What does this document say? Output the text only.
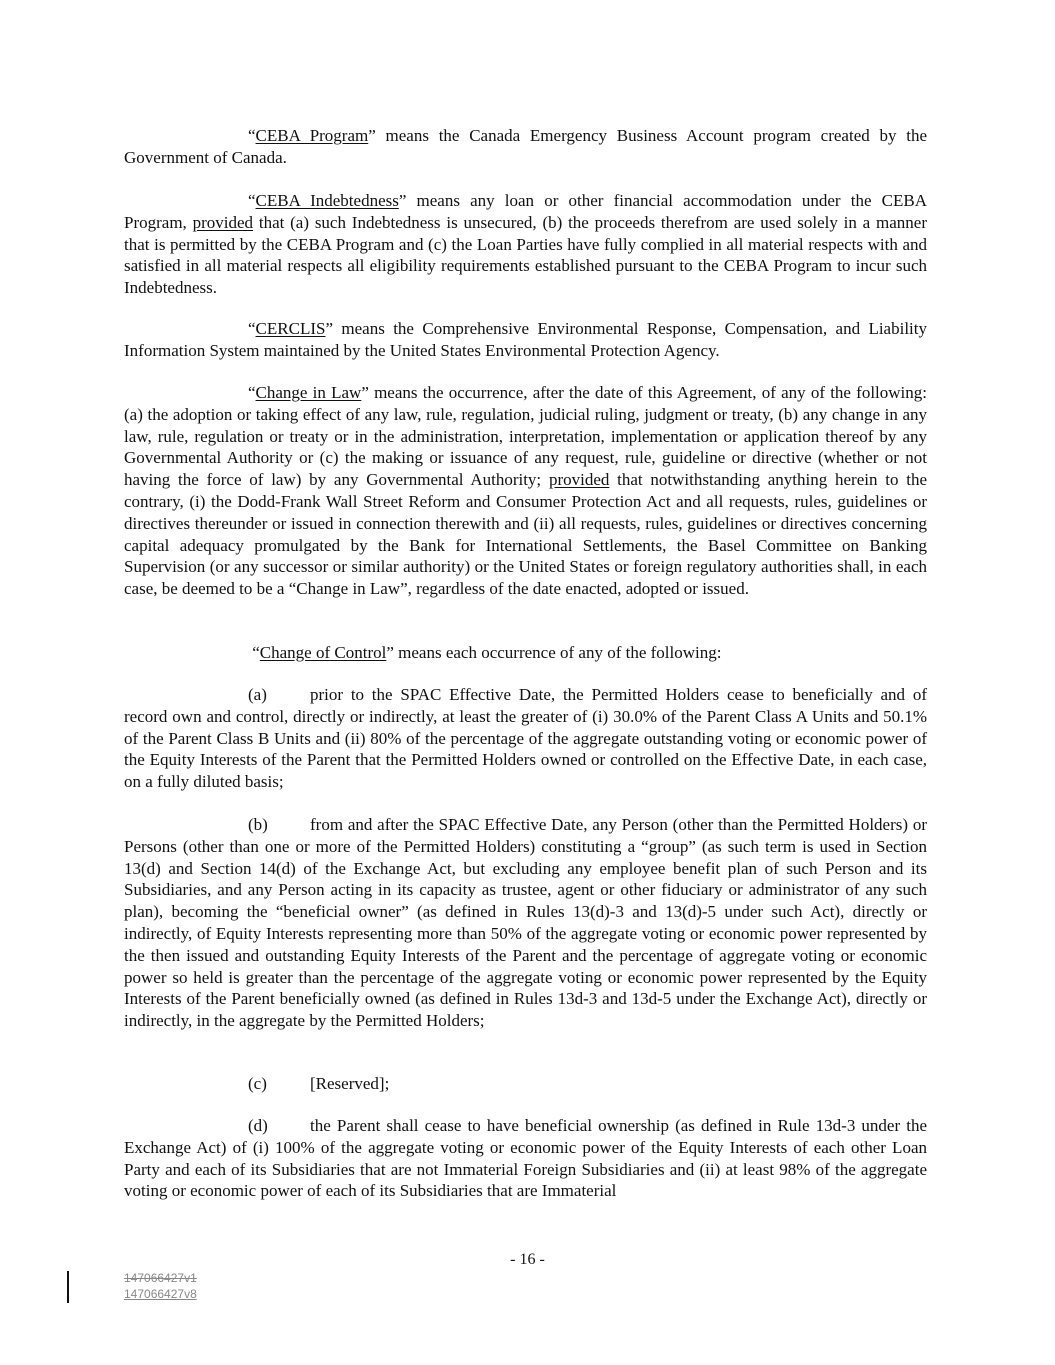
“CEBA Program” means the Canada Emergency Business Account program created by the Government of Canada.

“CEBA Indebtedness” means any loan or other financial accommodation under the CEBA Program, provided that (a) such Indebtedness is unsecured, (b) the proceeds therefrom are used solely in a manner that is permitted by the CEBA Program and (c) the Loan Parties have fully complied in all material respects with and satisfied in all material respects all eligibility requirements established pursuant to the CEBA Program to incur such Indebtedness.

“CERCLIS” means the Comprehensive Environmental Response, Compensation, and Liability Information System maintained by the United States Environmental Protection Agency.

“Change in Law” means the occurrence, after the date of this Agreement, of any of the following: (a) the adoption or taking effect of any law, rule, regulation, judicial ruling, judgment or treaty, (b) any change in any law, rule, regulation or treaty or in the administration, interpretation, implementation or application thereof by any Governmental Authority or (c) the making or issuance of any request, rule, guideline or directive (whether or not having the force of law) by any Governmental Authority; provided that notwithstanding anything herein to the contrary, (i) the Dodd-Frank Wall Street Reform and Consumer Protection Act and all requests, rules, guidelines or directives thereunder or issued in connection therewith and (ii) all requests, rules, guidelines or directives concerning capital adequacy promulgated by the Bank for International Settlements, the Basel Committee on Banking Supervision (or any successor or similar authority) or the United States or foreign regulatory authorities shall, in each case, be deemed to be a “Change in Law”, regardless of the date enacted, adopted or issued.

“Change of Control” means each occurrence of any of the following:

(a)	prior to the SPAC Effective Date, the Permitted Holders cease to beneficially and of record own and control, directly or indirectly, at least the greater of (i) 30.0% of the Parent Class A Units and 50.1% of the Parent Class B Units and (ii) 80% of the percentage of the aggregate outstanding voting or economic power of the Equity Interests of the Parent that the Permitted Holders owned or controlled on the Effective Date, in each case, on a fully diluted basis;

(b) from and after the SPAC Effective Date, any Person (other than the Permitted Holders) or Persons (other than one or more of the Permitted Holders) constituting a “group” (as such term is used in Section 13(d) and Section 14(d) of the Exchange Act, but excluding any employee benefit plan of such Person and its Subsidiaries, and any Person acting in its capacity as trustee, agent or other fiduciary or administrator of any such plan), becoming the “beneficial owner” (as defined in Rules 13(d)-3 and 13(d)-5 under such Act), directly or indirectly, of Equity Interests representing more than 50% of the aggregate voting or economic power represented by the then issued and outstanding Equity Interests of the Parent and the percentage of aggregate voting or economic power so held is greater than the percentage of the aggregate voting or economic power represented by the Equity Interests of the Parent beneficially owned (as defined in Rules 13d-3 and 13d-5 under the Exchange Act), directly or indirectly, in the aggregate by the Permitted Holders;

(c)	[Reserved];

(d) the Parent shall cease to have beneficial ownership (as defined in Rule 13d-3 under the Exchange Act) of (i) 100% of the aggregate voting or economic power of the Equity Interests of each other Loan Party and each of its Subsidiaries that are not Immaterial Foreign Subsidiaries and (ii) at least 98% of the aggregate voting or economic power of each of its Subsidiaries that are Immaterial

- 16 -
147066427v1
147066427v8
